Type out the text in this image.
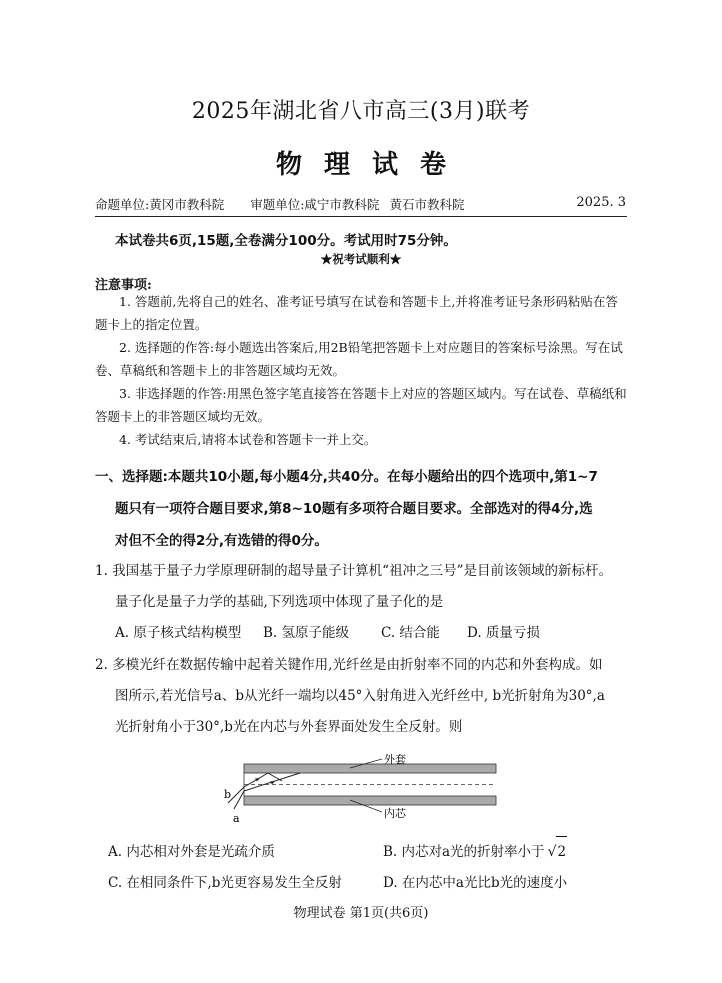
2025年湖北省八市高三(3月)联考
物理试卷
命题单位:黄冈市教科院 审题单位:咸宁市教科院 黄石市教科院	2025. 3
本试卷共6页,15题,全卷满分100分。考试用时75分钟。
★祝考试顺利★
注意事项:

1. 答题前,先将自己的姓名、准考证号填写在试卷和答题卡上,并将准考证号条形码粘贴在答题卡上的指定位置。

2. 选择题的作答:每小题选出答案后,用2B铅笔把答题卡上对应题目的答案标号涂黑。写在试卷、草稿纸和答题卡上的非答题区域均无效。

3. 非选择题的作答:用黑色签字笔直接答在答题卡上对应的答题区域内。写在试卷、草稿纸和答题卡上的非答题区域均无效。

4. 考试结束后,请将本试卷和答题卡一并上交。

一、选择题:本题共10小题,每小题4分,共40分。在每小题给出的四个选项中,第1~7
题只有一项符合题目要求,第8~10题有多项符合题目要求。全部选对的得4分,选
对但不全的得2分,有选错的得0分。
1. 我国基于量子力学原理研制的超导量子计算机“祖冲之三号”是目前该领域的新标杆。
量子化是量子力学的基础,下列选项中体现了量子化的是
A. 原子核式结构模型 B. 氢原子能级 C. 结合能 D. 质量亏损
2. 多模光纤在数据传输中起着关键作用,光纤丝是由折射率不同的内芯和外套构成。如
图所示,若光信号a、b从光纤一端均以45°入射角进入光纤丝中, b光折射角为30°,a
光折射角小于30°,b光在内芯与外套界面处发生全反射。则
外套
内芯
b
a
A. 内芯相对外套是光疏介质	B. 内芯对a光的折射率小于 √2
C. 在相同条件下,b光更容易发生全反射	D. 在内芯中a光比b光的速度小
物理试卷 第1页(共6页)
